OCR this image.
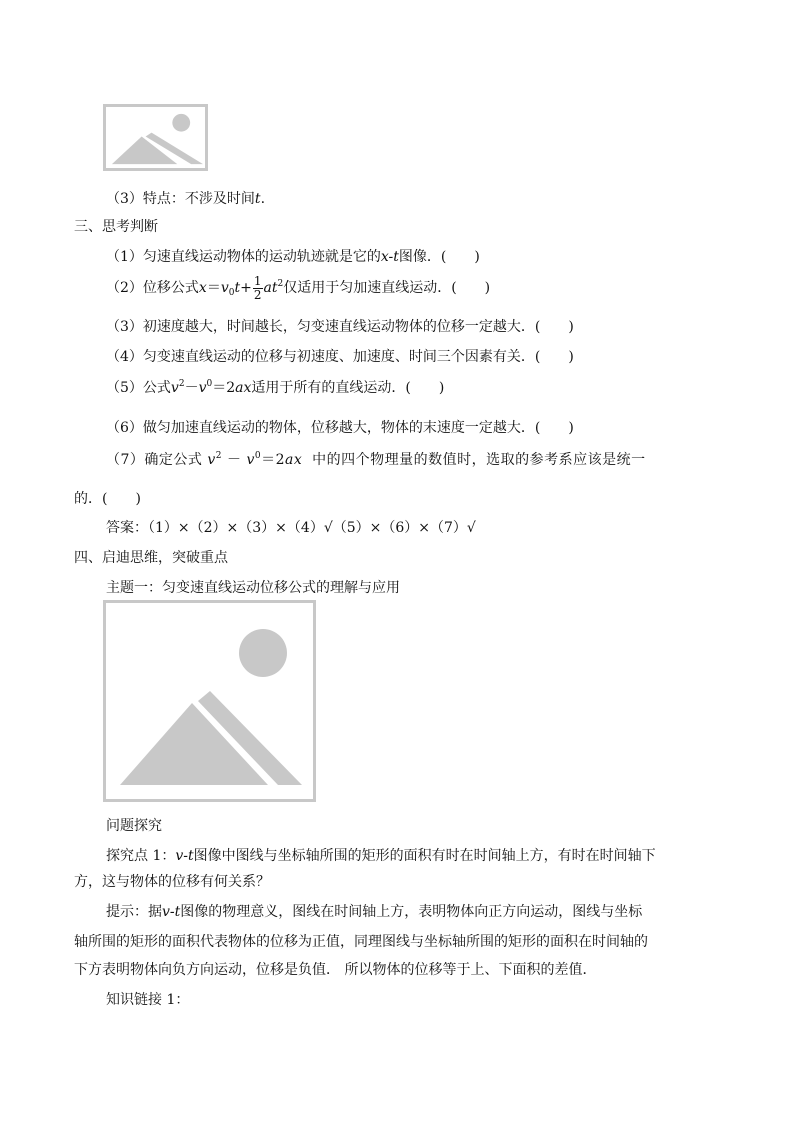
（3）特点：不涉及时间t.
三、思考判断
（1）匀速直线运动物体的运动轨迹就是它的x-t图像．(　　)
（2）位移公式$x=v_0t+ \frac{1}{2} at^2$仅适用于匀加速直线运动．(　　)
（3）初速度越大，时间越长，匀变速直线运动物体的位移一定越大．(　　)
（4）匀变速直线运动的位移与初速度、加速度、时间三个因素有关．(　　)
（5）公式$v^2-v^0=2ax$适用于所有的直线运动．(　　)
（6）做匀加速直线运动的物体，位移越大，物体的末速度一定越大．(　　)
（7）确定公式 $v^2 - v^0=2ax$ 中的四个物理量的数值时，选取的参考系应该是统一
的．(　　)
答案：（1）×（2）×（3）×（4）√（5）×（6）×（7）√
四、启迪思维，突破重点
主题一：匀变速直线运动位移公式的理解与应用
问题探究
探究点 1：v-t图像中图线与坐标轴所围的矩形的面积有时在时间轴上方，有时在时间轴下
方，这与物体的位移有何关系？
提示：据v-t图像的物理意义，图线在时间轴上方，表明物体向正方向运动，图线与坐标
轴所围的矩形的面积代表物体的位移为正值，同理图线与坐标轴所围的矩形的面积在时间轴的
下方表明物体向负方向运动，位移是负值． 所以物体的位移等于上、下面积的差值．
知识链接 1：
